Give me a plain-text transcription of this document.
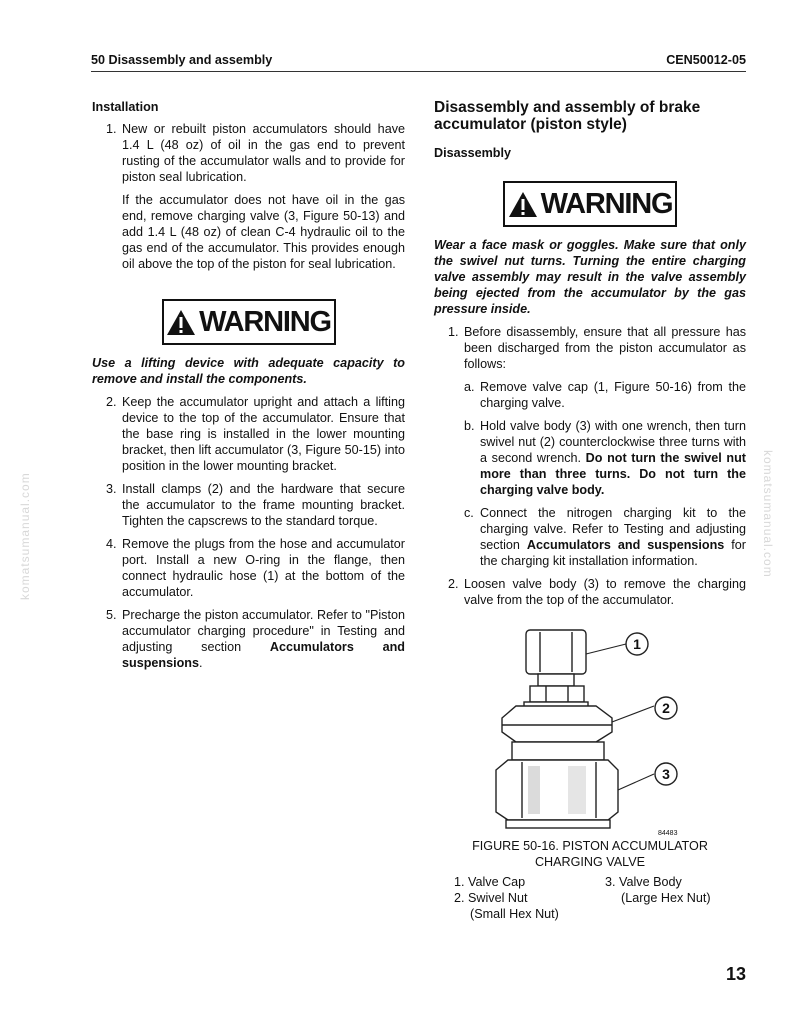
50 Disassembly and assembly	CEN50012-05
komatsumanual.com	komatsumanual.com

Installation

1. New or rebuilt piston accumulators should have 1.4 L (48 oz) of oil in the gas end to prevent rusting of the accumulator walls and to provide for piston seal lubrication.

If the accumulator does not have oil in the gas end, remove charging valve (3, Figure 50-13) and add 1.4 L (48 oz) of clean C-4 hydraulic oil to the gas end of the accumulator. This provides enough oil above the top of the piston for seal lubrication.

WARNING

Use a lifting device with adequate capacity to remove and install the components.

2. Keep the accumulator upright and attach a lifting device to the top of the accumulator. Ensure that the base ring is installed in the lower mounting bracket, then lift accumulator (3, Figure 50-15) into position in the lower mounting bracket.
3. Install clamps (2) and the hardware that secure the accumulator to the frame mounting bracket. Tighten the capscrews to the standard torque.
4. Remove the plugs from the hose and accumulator port. Install a new O-ring in the flange, then connect hydraulic hose (1) at the bottom of the accumulator.
5. Precharge the piston accumulator. Refer to "Piston accumulator charging procedure" in Testing and adjusting section Accumulators and suspensions.

Disassembly and assembly of brake accumulator (piston style)

Disassembly

WARNING

Wear a face mask or goggles. Make sure that only the swivel nut turns. Turning the entire charging valve assembly may result in the valve assembly being ejected from the accumulator by the gas pressure inside.

1. Before disassembly, ensure that all pressure has been discharged from the piston accumulator as follows:
a. Remove valve cap (1, Figure 50-16) from the charging valve.
b. Hold valve body (3) with one wrench, then turn swivel nut (2) counterclockwise three turns with a second wrench. Do not turn the swivel nut more than three turns. Do not turn the charging valve body.
c. Connect the nitrogen charging kit to the charging valve. Refer to Testing and adjusting section Accumulators and suspensions for the charging kit installation information.
2. Loosen valve body (3) to remove the charging valve from the top of the accumulator.
1
2
3
84483
FIGURE 50-16. PISTON ACCUMULATOR
CHARGING VALVE
1. Valve Cap
2. Swivel Nut
(Small Hex Nut)
3. Valve Body
(Large Hex Nut)
13
